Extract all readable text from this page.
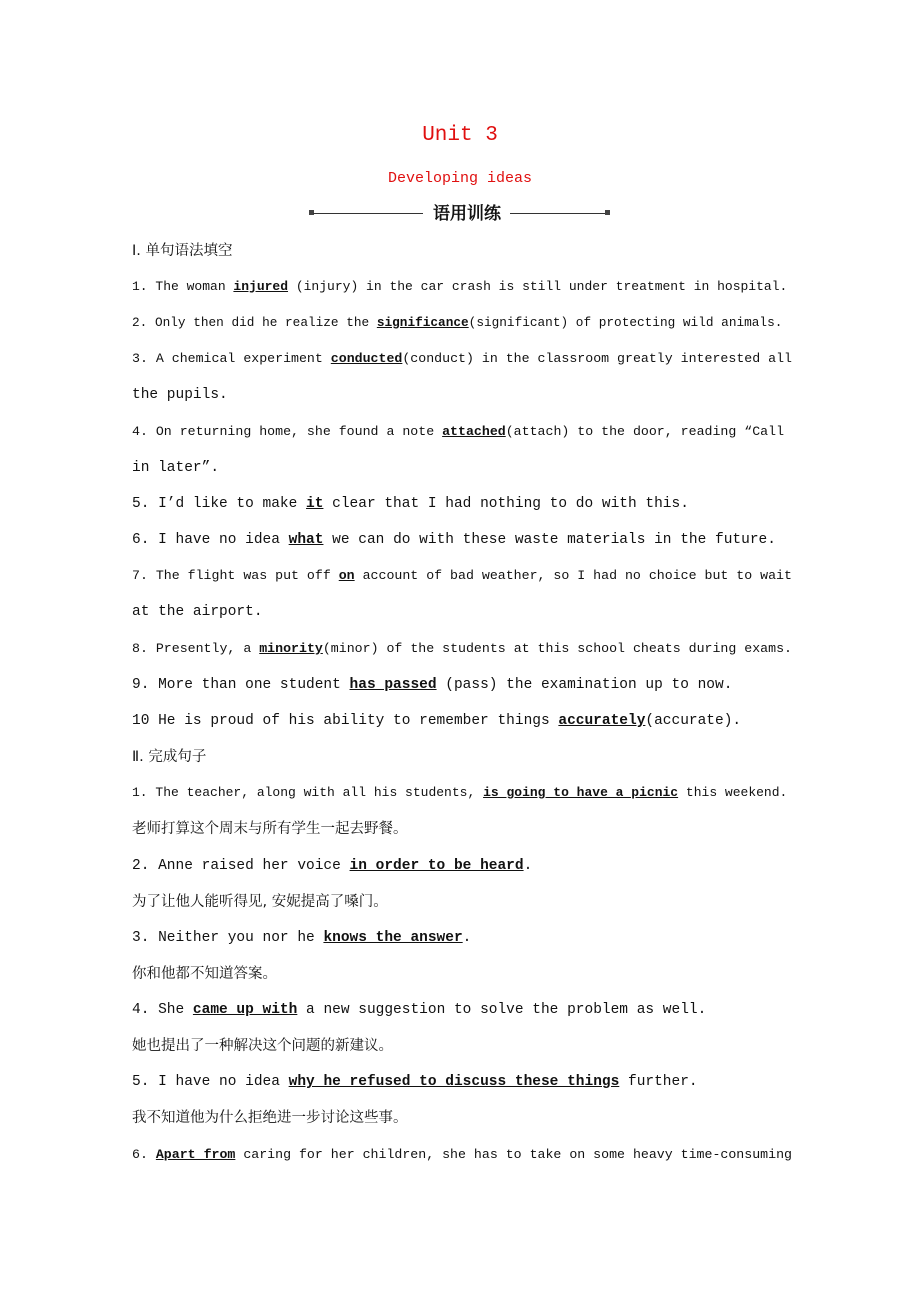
Unit 3
Developing ideas
语用训练
Ⅰ. 单句语法填空
1. The woman injured (injury) in the car crash is still under treatment in hospital.
2. Only then did he realize the significance(significant) of protecting wild animals.
3. A chemical experiment conducted(conduct) in the classroom greatly interested all
the pupils.
4. On returning home, she found a note attached(attach) to the door, reading “Call
in later”.
5. I’d like to make it clear that I had nothing to do with this.
6. I have no idea what we can do with these waste materials in the future.
7. The flight was put off on account of bad weather, so I had no choice but to wait
at the airport.
8. Presently, a minority(minor) of the students at this school cheats during exams.
9. More than one student has passed (pass) the examination up to now.
10 He is proud of his ability to remember things accurately(accurate).
Ⅱ. 完成句子
1. The teacher, along with all his students, is going to have a picnic this weekend.
老师打算这个周末与所有学生一起去野餐。
2. Anne raised her voice in order to be heard.
为了让他人能听得见, 安妮提高了嗓门。
3. Neither you nor he knows the answer.
你和他都不知道答案。
4. She came up with a new suggestion to solve the problem as well.
她也提出了一种解决这个问题的新建议。
5. I have no idea why he refused to discuss these things further.
我不知道他为什么拒绝进一步讨论这些事。
6. Apart from caring for her children, she has to take on some heavy time-consuming
